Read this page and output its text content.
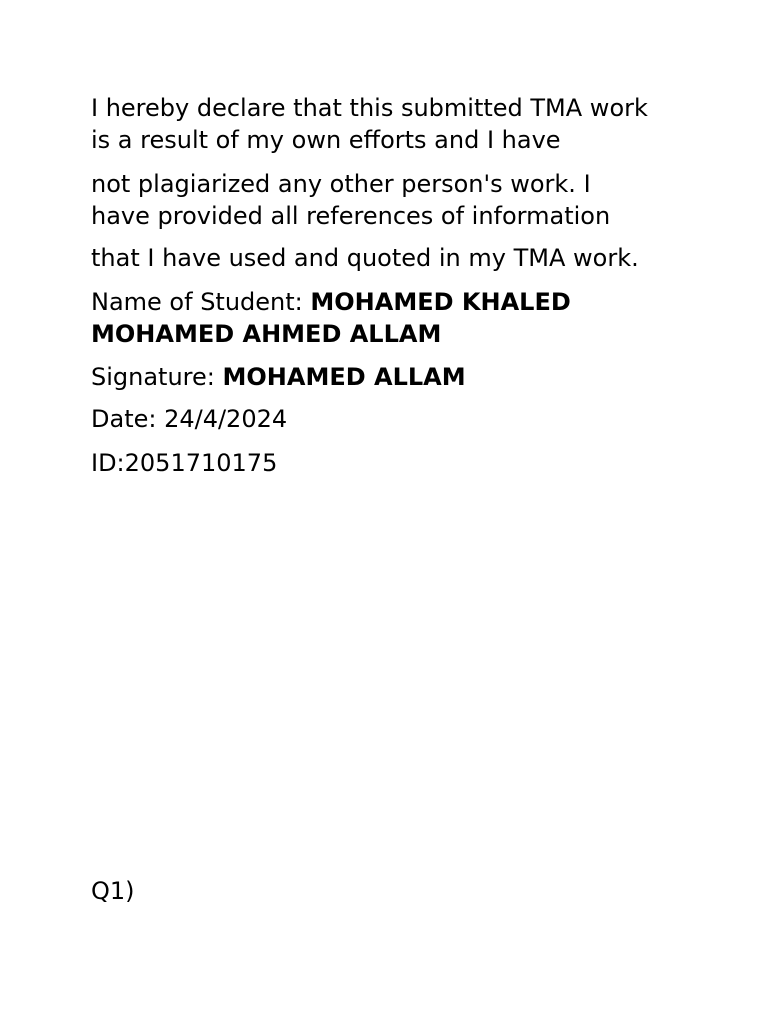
I hereby declare that this submitted TMA work
is a result of my own efforts and I have

not plagiarized any other person's work. I
have provided all references of information

that I have used and quoted in my TMA work.

Name of Student: MOHAMED KHALED
MOHAMED AHMED ALLAM

Signature: MOHAMED ALLAM

Date: 24/4/2024

ID:2051710175

Q1)
